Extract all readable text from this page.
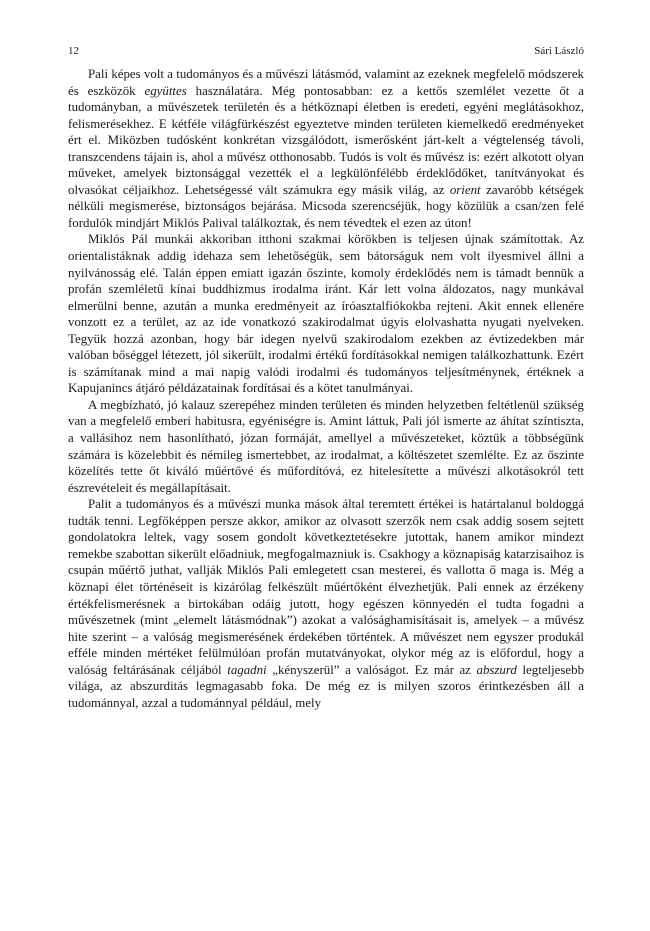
12	Sári László

Pali képes volt a tudományos és a művészi látásmód, valamint az ezeknek megfelelő módszerek és eszközök együttes használatára. Még pontosabban: ez a kettős szemlélet vezette őt a tudományban, a művészetek területén és a hétköznapi életben is eredeti, egyéni meglátásokhoz, felismerésekhez. E kétféle világfürkészést egyeztetve minden területen kiemelkedő eredményeket ért el. Miközben tudósként konkrétan vizsgálódott, ismerősként járt-kelt a végtelenség távoli, transzcendens tájain is, ahol a művész otthonosabb. Tudós is volt és művész is: ezért alkotott olyan műveket, amelyek biztonsággal vezették el a legkülönfélébb érdeklődőket, tanítványokat és olvasókat céljaikhoz. Lehetségessé vált számukra egy másik világ, az orient zavaróbb kétségek nélküli megismerése, biztonságos bejárása. Micsoda szerencséjük, hogy közülük a csan/zen felé fordulók mindjárt Miklós Palival találkoztak, és nem tévedtek el ezen az úton!

Miklós Pál munkái akkoriban itthoni szakmai körökben is teljesen újnak számítottak. Az orientalistáknak addig idehaza sem lehetőségük, sem bátorságuk nem volt ilyesmivel állni a nyilvánosság elé. Talán éppen emiatt igazán őszinte, komoly érdeklődés nem is támadt bennük a profán szemléletű kínai buddhizmus irodalma iránt. Kár lett volna áldozatos, nagy munkával elmerülni benne, azután a munka eredményeit az íróasztalfiókokba rejteni. Akit ennek ellenére vonzott ez a terület, az az ide vonatkozó szakirodalmat úgyis elolvashatta nyugati nyelveken. Tegyük hozzá azonban, hogy bár idegen nyelvű szakirodalom ezekben az évtizedekben már valóban bőséggel létezett, jól sikerült, irodalmi értékű fordításokkal nemigen találkozhattunk. Ezért is számítanak mind a mai napig valódi irodalmi és tudományos teljesítménynek, értéknek a Kapujanincs átjáró példázatainak fordításai és a kötet tanulmányai.

A megbízható, jó kalauz szerepéhez minden területen és minden helyzetben feltétlenül szükség van a megfelelő emberi habitusra, egyéniségre is. Amint láttuk, Pali jól ismerte az áhítat színtisztа, a vallásihoz nem hasonlítható, józan formáját, amellyel a művészeteket, köztük a többségünk számára is közelebbit és némileg ismertebbet, az irodalmat, a költészetet szemlélte. Ez az őszinte közelítés tette őt kiváló műértővé és műfordítóvá, ez hitelesítette a művészi alkotásokról tett észrevételeit és megállapításait.

Palit a tudományos és a művészi munka mások által teremtett értékei is határtalanul boldoggá tudták tenni. Legfőképpen persze akkor, amikor az olvasott szerzők nem csak addig sosem sejtett gondolatokra leltek, vagy sosem gondolt következtetésekre jutottak, hanem amikor mindezt remekbe szabottan sikerült előadniuk, megfogalmazniuk is. Csakhogy a köznapiság katarzisaihoz is csupán műértő juthat, vallják Miklós Pali emlegetett csan mesterei, és vallotta ő maga is. Még a köznapi élet történéseit is kizárólag felkészült műértőként élvezhetjük. Pali ennek az érzékeny értékfelismerésnek a birtokában odáig jutott, hogy egészen könnyedén el tudta fogadni a művészetnek (mint „elemelt látásmódnak”) azokat a valósághamisításait is, amelyek – a művész hite szerint – a valóság megismerésének érdekében történtek. A művészet nem egyszer produkál efféle minden mértéket felülmúlóan profán mutatványokat, olykor még az is előfordul, hogy a valóság feltárásának céljából tagadni „kényszerül” a valóságot. Ez már az abszurd legteljesebb világa, az abszurditás legmagasabb foka. De még ez is milyen szoros érintkezésben áll a tudománnyal, azzal a tudománnyal például, mely
